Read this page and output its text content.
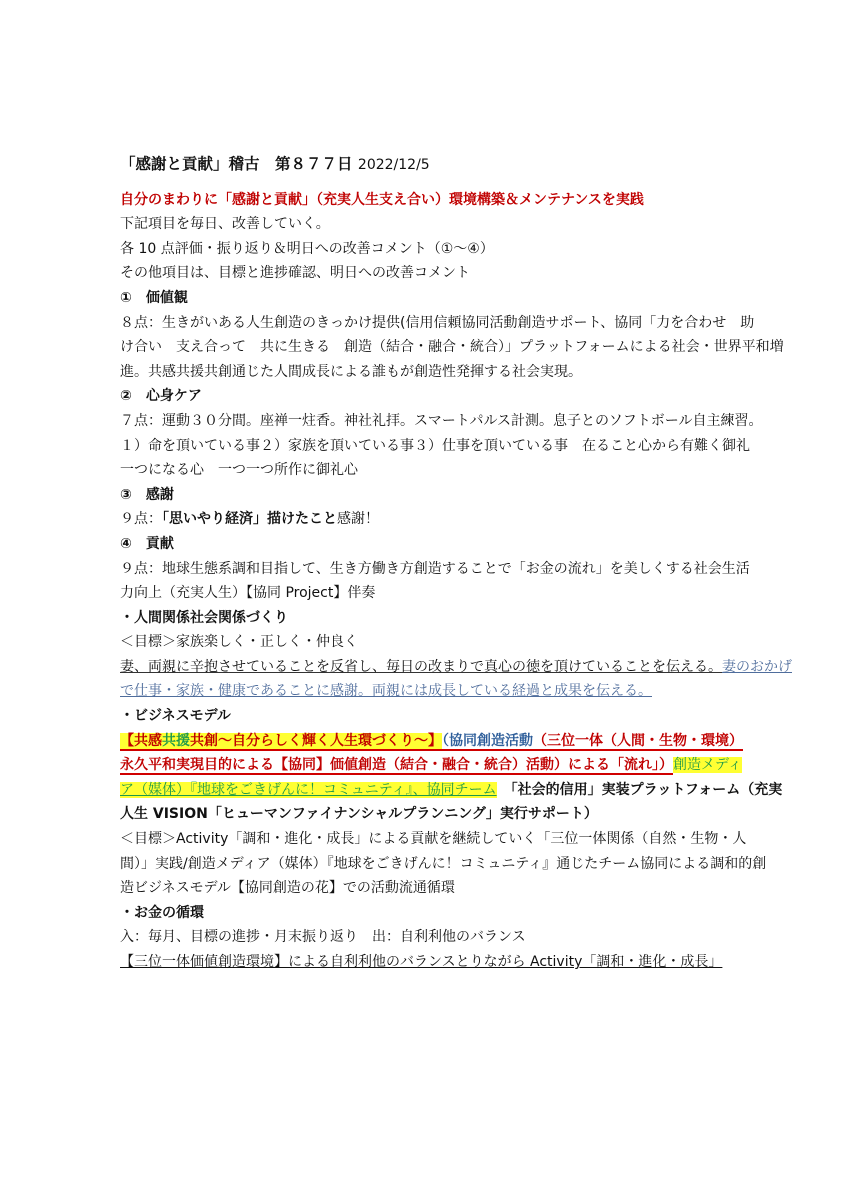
「感謝と貢献」稽古　第８７７日 2022/12/5
自分のまわりに「感謝と貢献」（充実人生支え合い）環境構築＆メンテナンスを実践
下記項目を毎日、改善していく。
各 10 点評価・振り返り＆明日への改善コメント（①～④）
その他項目は、目標と進捗確認、明日への改善コメント
①　価値観
８点：生きがいある人生創造のきっかけ提供(信用信頼協同活動創造サポート、協同「力を合わせ　助
け合い　支え合って　共に生きる　創造（結合・融合・統合）」プラットフォームによる社会・世界平和増
進。共感共援共創通じた人間成長による誰もが創造性発揮する社会実現。
②　心身ケア
７点：運動３０分間。座禅一炷香。神社礼拝。スマートパルス計測。息子とのソフトボール自主練習。
１）命を頂いている事２）家族を頂いている事３）仕事を頂いている事　在ること心から有難く御礼
一つになる心　一つ一つ所作に御礼心
③　感謝
９点：「思いやり経済」描けたこと感謝！
④　貢献
９点：地球生態系調和目指して、生き方働き方創造することで「お金の流れ」を美しくする社会生活
力向上（充実人生）【協同 Project】伴奏
・人間関係社会関係づくり
＜目標＞家族楽しく・正しく・仲良く
妻、両親に辛抱させていることを反省し、毎日の改まりで真心の徳を頂けていることを伝える。妻のおかげ
で仕事・家族・健康であることに感謝。両親には成長している経過と成果を伝える。
・ビジネスモデル
【共感共援共創～自分らしく輝く人生環づくり～】（協同創造活動（三位一体（人間・生物・環境）
永久平和実現目的による【協同】価値創造（結合・融合・統合）活動）による「流れ」）創造メディ
ア（媒体）『地球をごきげんに！コミュニティ』、協同チーム　 「社会的信用」実装プラットフォーム（充実
人生 VISION「ヒューマンファイナンシャルプランニング」実行サポート）
＜目標＞Activity「調和・進化・成長」による貢献を継続していく「三位一体関係（自然・生物・人
間）」実践/創造メディア（媒体）『地球をごきげんに！コミュニティ』通じたチーム協同による調和的創
造ビジネスモデル【協同創造の花】での活動流通循環
・お金の循環
入：毎月、目標の進捗・月末振り返り　出：自利利他のバランス
【三位一体価値創造環境】による自利利他のバランスとりながら Activity「調和・進化・成長」
